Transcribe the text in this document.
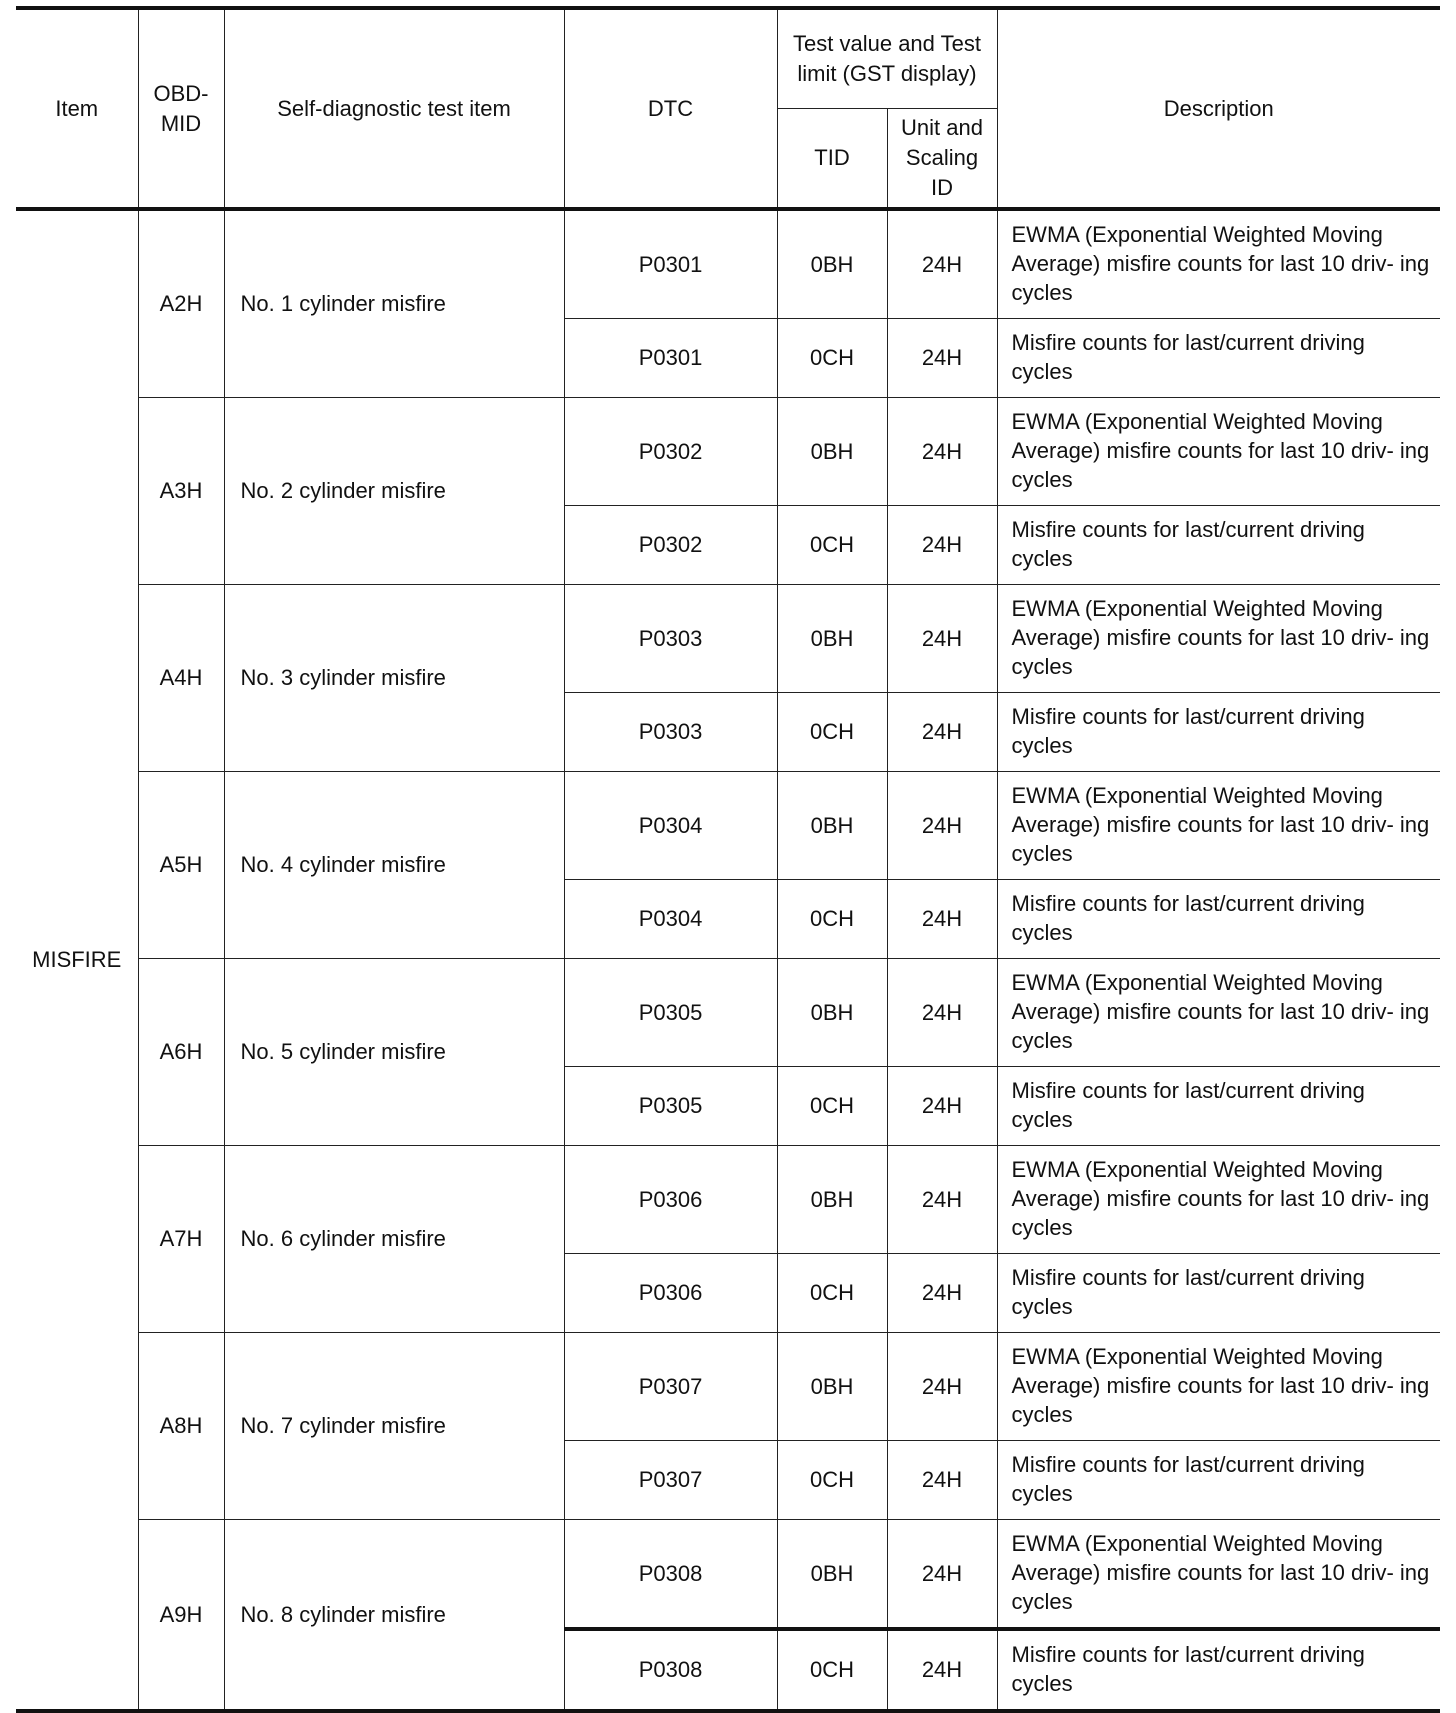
Item	OBD-MID	Self-diagnostic test item	DTC	Test value and Test limit (GST display)		Description
				TID	Unit and Scaling ID	
MISFIRE	A2H	No. 1 cylinder misfire	P0301	0BH	24H	EWMA (Exponential Weighted Moving Average) misfire counts for last 10 driv- ing cycles
			P0301	0CH	24H	Misfire counts for last/current driving cycles
	A3H	No. 2 cylinder misfire	P0302	0BH	24H	EWMA (Exponential Weighted Moving Average) misfire counts for last 10 driv- ing cycles
			P0302	0CH	24H	Misfire counts for last/current driving cycles
	A4H	No. 3 cylinder misfire	P0303	0BH	24H	EWMA (Exponential Weighted Moving Average) misfire counts for last 10 driv- ing cycles
			P0303	0CH	24H	Misfire counts for last/current driving cycles
	A5H	No. 4 cylinder misfire	P0304	0BH	24H	EWMA (Exponential Weighted Moving Average) misfire counts for last 10 driv- ing cycles
			P0304	0CH	24H	Misfire counts for last/current driving cycles
	A6H	No. 5 cylinder misfire	P0305	0BH	24H	EWMA (Exponential Weighted Moving Average) misfire counts for last 10 driv- ing cycles
			P0305	0CH	24H	Misfire counts for last/current driving cycles
	A7H	No. 6 cylinder misfire	P0306	0BH	24H	EWMA (Exponential Weighted Moving Average) misfire counts for last 10 driv- ing cycles
			P0306	0CH	24H	Misfire counts for last/current driving cycles
	A8H	No. 7 cylinder misfire	P0307	0BH	24H	EWMA (Exponential Weighted Moving Average) misfire counts for last 10 driv- ing cycles
			P0307	0CH	24H	Misfire counts for last/current driving cycles
	A9H	No. 8 cylinder misfire	P0308	0BH	24H	EWMA (Exponential Weighted Moving Average) misfire counts for last 10 driv- ing cycles
			P0308	0CH	24H	Misfire counts for last/current driving cycles
